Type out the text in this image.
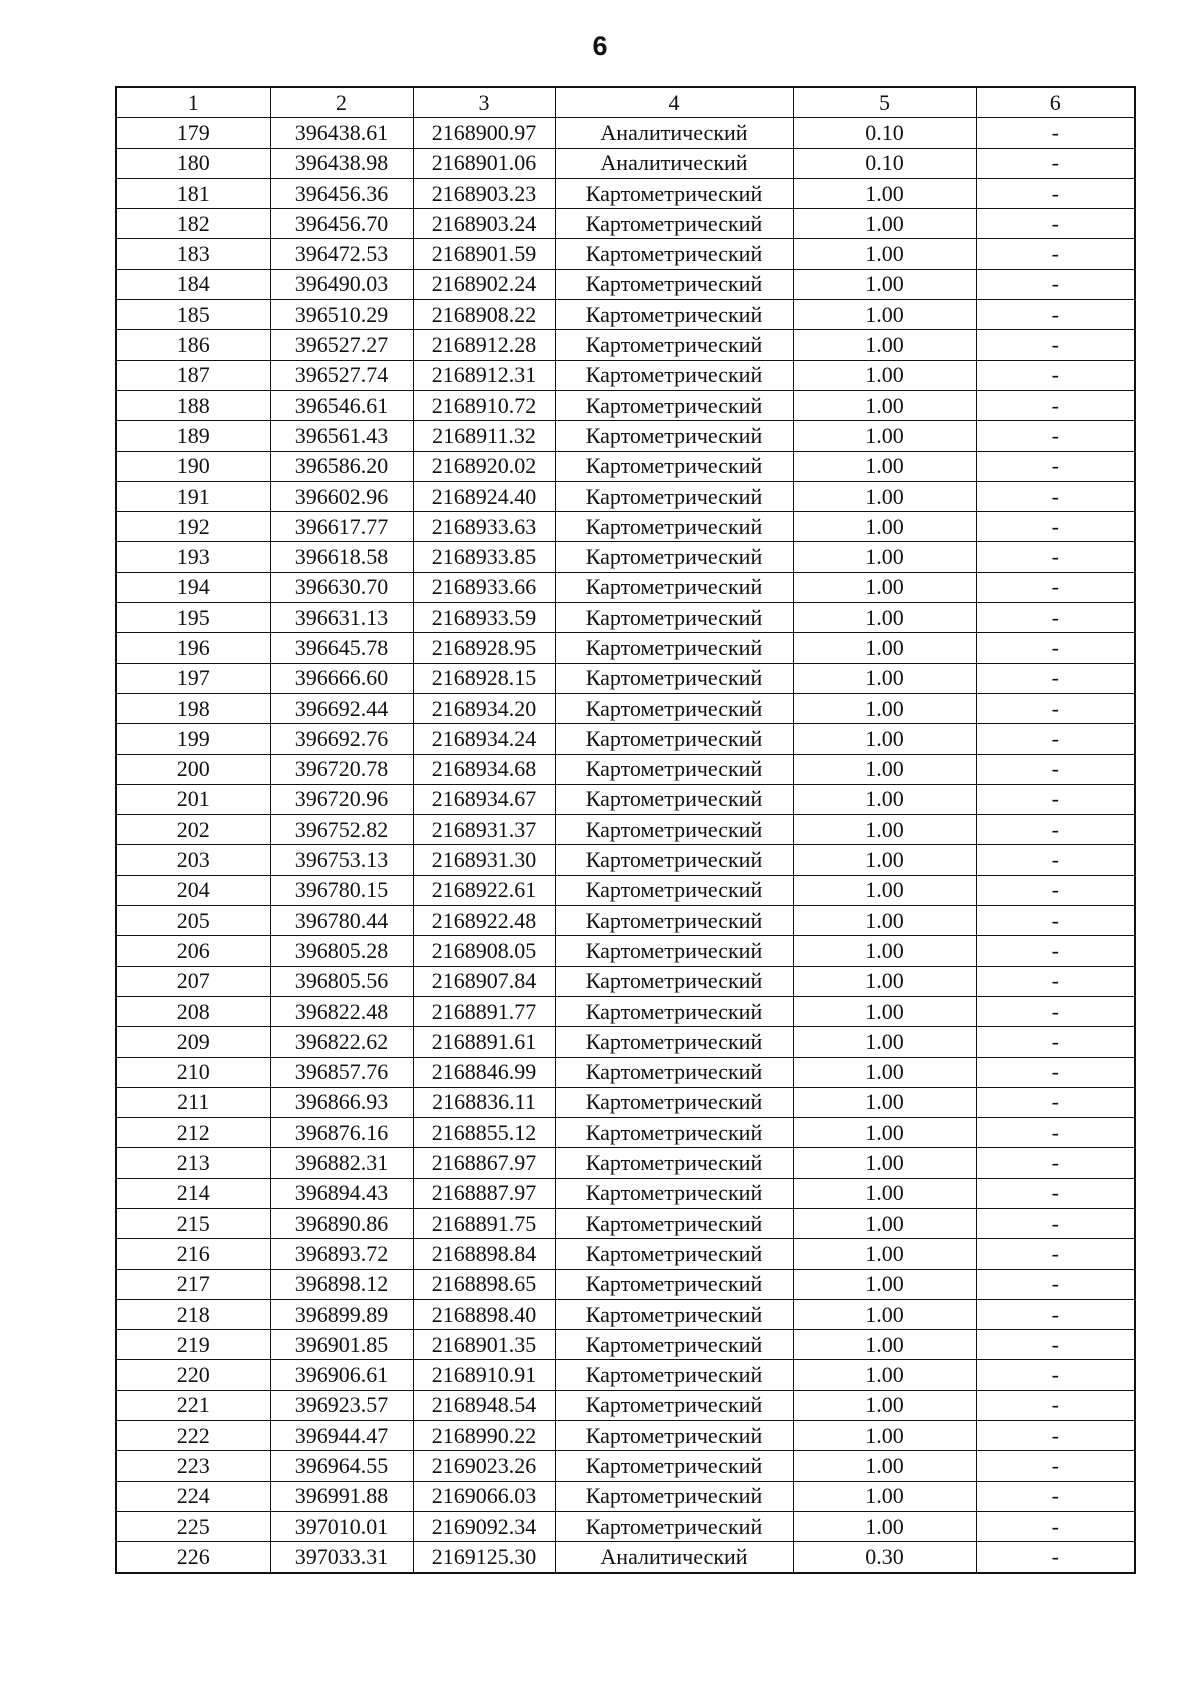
6
1	2	3	4	5	6
179	396438.61	2168900.97	Аналитический	0.10	-
180	396438.98	2168901.06	Аналитический	0.10	-
181	396456.36	2168903.23	Картометрический	1.00	-
182	396456.70	2168903.24	Картометрический	1.00	-
183	396472.53	2168901.59	Картометрический	1.00	-
184	396490.03	2168902.24	Картометрический	1.00	-
185	396510.29	2168908.22	Картометрический	1.00	-
186	396527.27	2168912.28	Картометрический	1.00	-
187	396527.74	2168912.31	Картометрический	1.00	-
188	396546.61	2168910.72	Картометрический	1.00	-
189	396561.43	2168911.32	Картометрический	1.00	-
190	396586.20	2168920.02	Картометрический	1.00	-
191	396602.96	2168924.40	Картометрический	1.00	-
192	396617.77	2168933.63	Картометрический	1.00	-
193	396618.58	2168933.85	Картометрический	1.00	-
194	396630.70	2168933.66	Картометрический	1.00	-
195	396631.13	2168933.59	Картометрический	1.00	-
196	396645.78	2168928.95	Картометрический	1.00	-
197	396666.60	2168928.15	Картометрический	1.00	-
198	396692.44	2168934.20	Картометрический	1.00	-
199	396692.76	2168934.24	Картометрический	1.00	-
200	396720.78	2168934.68	Картометрический	1.00	-
201	396720.96	2168934.67	Картометрический	1.00	-
202	396752.82	2168931.37	Картометрический	1.00	-
203	396753.13	2168931.30	Картометрический	1.00	-
204	396780.15	2168922.61	Картометрический	1.00	-
205	396780.44	2168922.48	Картометрический	1.00	-
206	396805.28	2168908.05	Картометрический	1.00	-
207	396805.56	2168907.84	Картометрический	1.00	-
208	396822.48	2168891.77	Картометрический	1.00	-
209	396822.62	2168891.61	Картометрический	1.00	-
210	396857.76	2168846.99	Картометрический	1.00	-
211	396866.93	2168836.11	Картометрический	1.00	-
212	396876.16	2168855.12	Картометрический	1.00	-
213	396882.31	2168867.97	Картометрический	1.00	-
214	396894.43	2168887.97	Картометрический	1.00	-
215	396890.86	2168891.75	Картометрический	1.00	-
216	396893.72	2168898.84	Картометрический	1.00	-
217	396898.12	2168898.65	Картометрический	1.00	-
218	396899.89	2168898.40	Картометрический	1.00	-
219	396901.85	2168901.35	Картометрический	1.00	-
220	396906.61	2168910.91	Картометрический	1.00	-
221	396923.57	2168948.54	Картометрический	1.00	-
222	396944.47	2168990.22	Картометрический	1.00	-
223	396964.55	2169023.26	Картометрический	1.00	-
224	396991.88	2169066.03	Картометрический	1.00	-
225	397010.01	2169092.34	Картометрический	1.00	-
226	397033.31	2169125.30	Аналитический	0.30	-
